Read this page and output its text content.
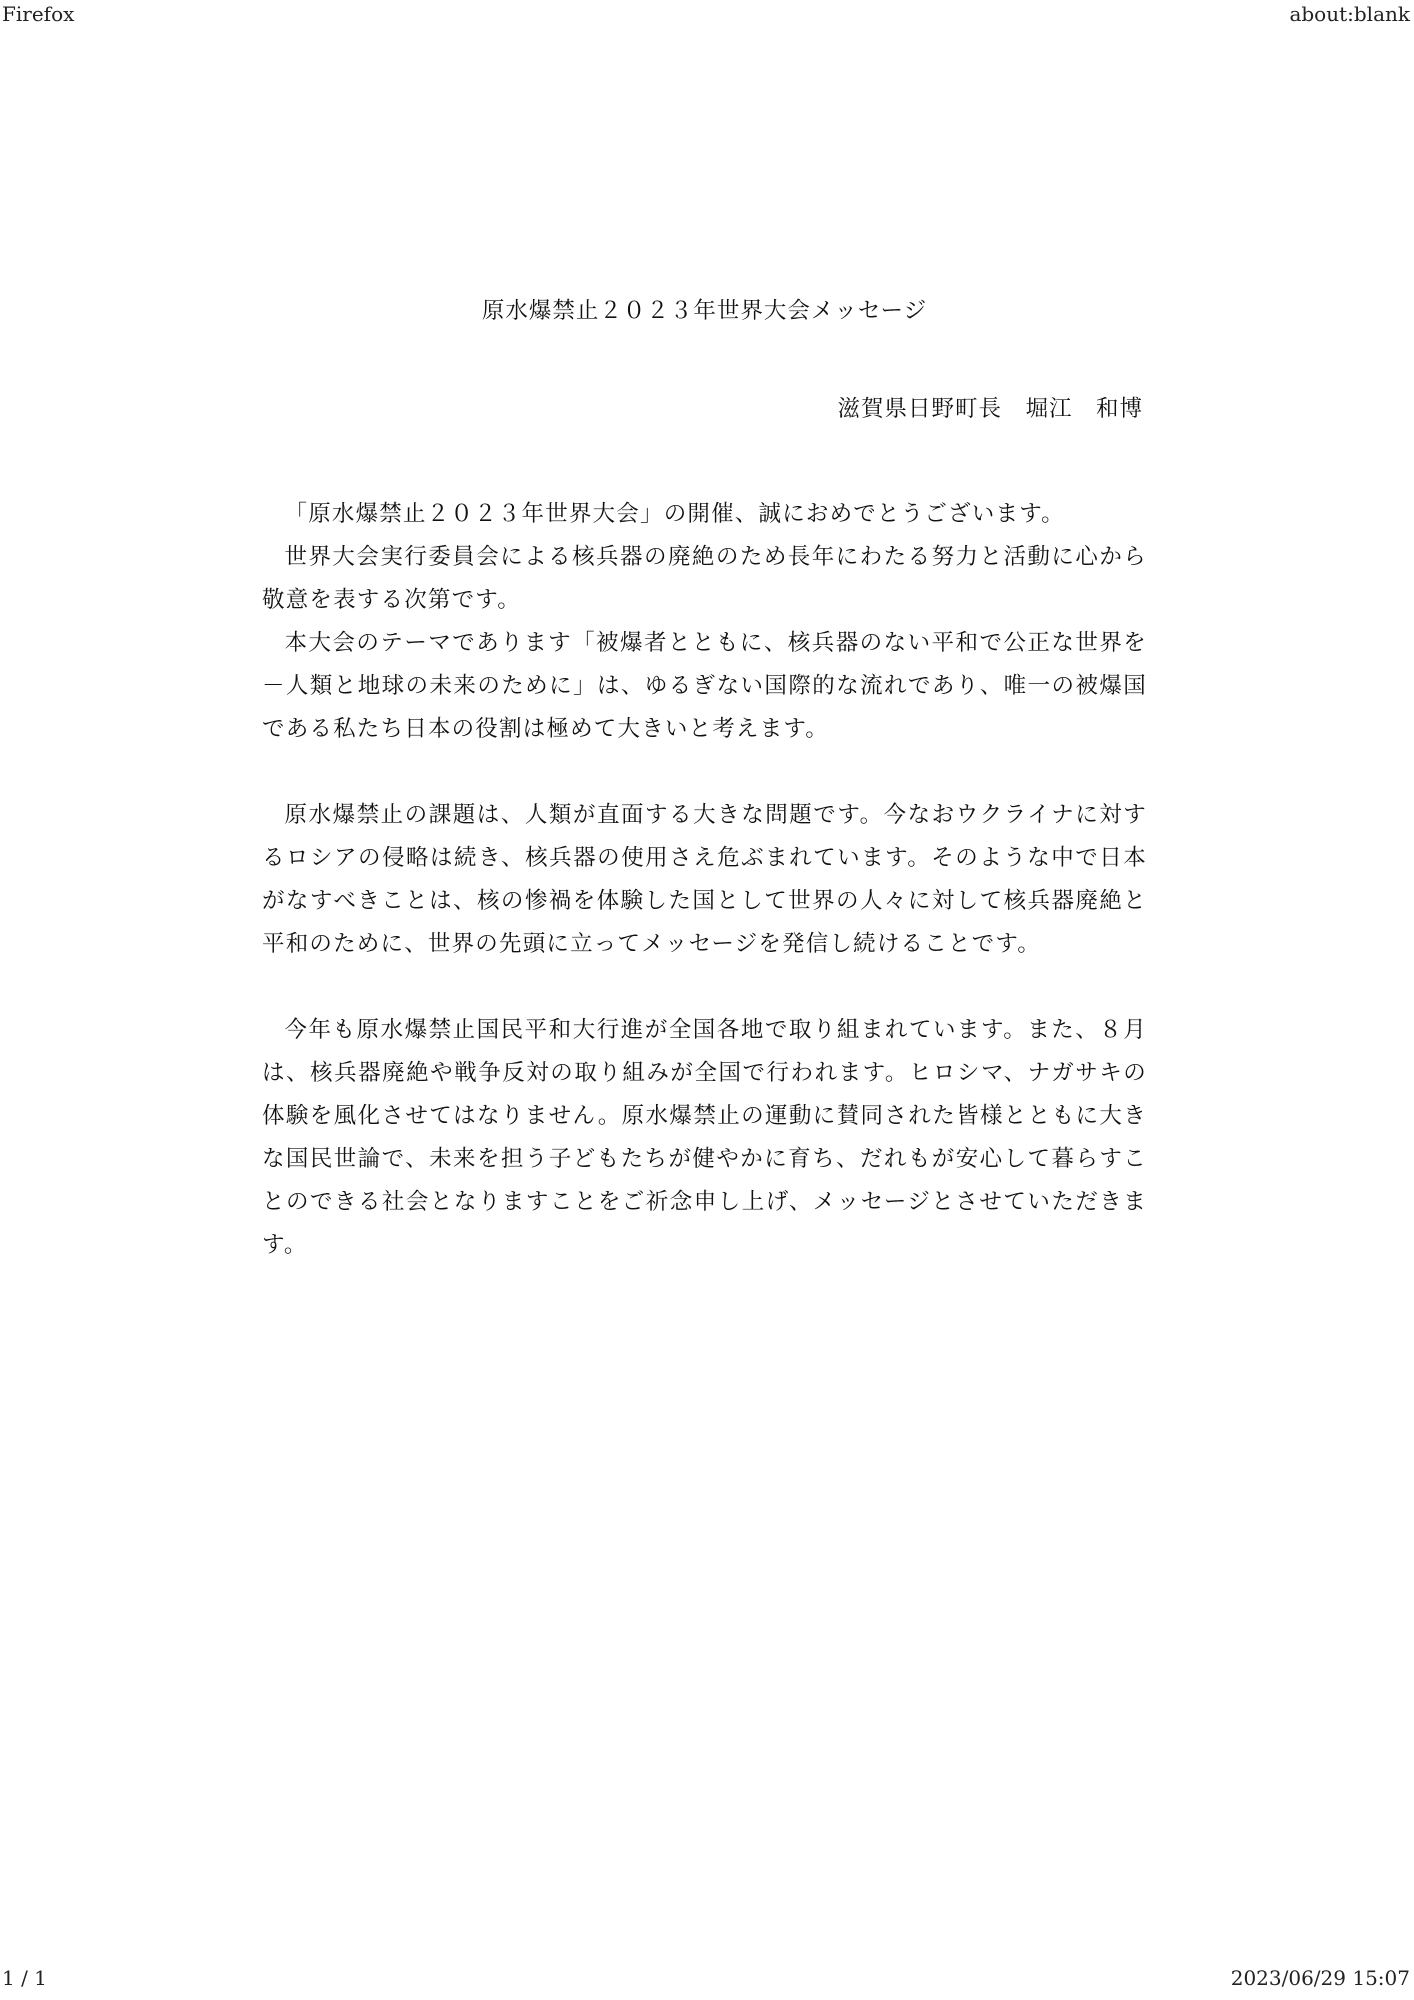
Firefox	about:blank
原水爆禁止２０２３年世界大会メッセージ
滋賀県日野町長　堀江　和博

「原水爆禁止２０２３年世界大会」の開催、誠におめでとうございます。

世界大会実行委員会による核兵器の廃絶のため長年にわたる努力と活動に心から敬意を表する次第です。

本大会のテーマであります「被爆者とともに、核兵器のない平和で公正な世界を－人類と地球の未来のために」は、ゆるぎない国際的な流れであり、唯一の被爆国である私たち日本の役割は極めて大きいと考えます。

原水爆禁止の課題は、人類が直面する大きな問題です。今なおウクライナに対するロシアの侵略は続き、核兵器の使用さえ危ぶまれています。そのような中で日本がなすべきことは、核の惨禍を体験した国として世界の人々に対して核兵器廃絶と平和のために、世界の先頭に立ってメッセージを発信し続けることです。

今年も原水爆禁止国民平和大行進が全国各地で取り組まれています。また、８月は、核兵器廃絶や戦争反対の取り組みが全国で行われます。ヒロシマ、ナガサキの体験を風化させてはなりません。原水爆禁止の運動に賛同された皆様とともに大きな国民世論で、未来を担う子どもたちが健やかに育ち、だれもが安心して暮らすことのできる社会となりますことをご祈念申し上げ、メッセージとさせていただきます。

1 / 1	2023/06/29 15:07
